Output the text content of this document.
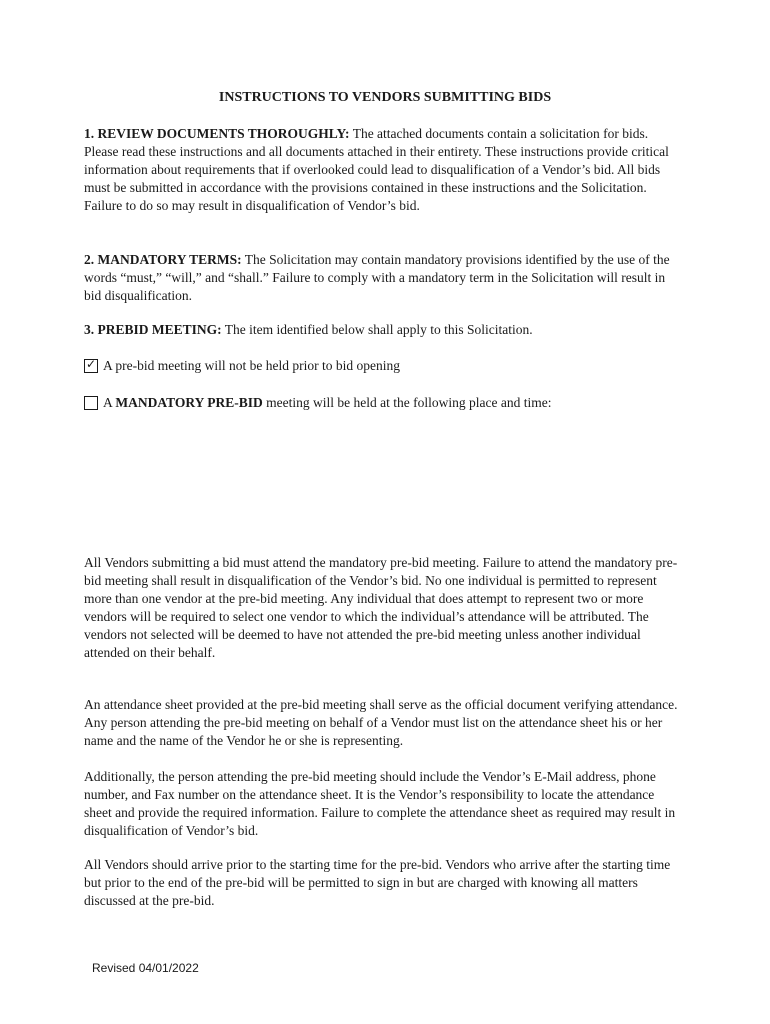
INSTRUCTIONS TO VENDORS SUBMITTING BIDS
1. REVIEW DOCUMENTS THOROUGHLY: The attached documents contain a solicitation for bids. Please read these instructions and all documents attached in their entirety. These instructions provide critical information about requirements that if overlooked could lead to disqualification of a Vendor’s bid. All bids must be submitted in accordance with the provisions contained in these instructions and the Solicitation. Failure to do so may result in disqualification of Vendor’s bid.
2. MANDATORY TERMS: The Solicitation may contain mandatory provisions identified by the use of the words “must,” “will,” and “shall.” Failure to comply with a mandatory term in the Solicitation will result in bid disqualification.
3. PREBID MEETING: The item identified below shall apply to this Solicitation.
✓ A pre-bid meeting will not be held prior to bid opening
A MANDATORY PRE-BID meeting will be held at the following place and time:
All Vendors submitting a bid must attend the mandatory pre-bid meeting. Failure to attend the mandatory pre-bid meeting shall result in disqualification of the Vendor’s bid. No one individual is permitted to represent more than one vendor at the pre-bid meeting. Any individual that does attempt to represent two or more vendors will be required to select one vendor to which the individual’s attendance will be attributed. The vendors not selected will be deemed to have not attended the pre-bid meeting unless another individual attended on their behalf.
An attendance sheet provided at the pre-bid meeting shall serve as the official document verifying attendance. Any person attending the pre-bid meeting on behalf of a Vendor must list on the attendance sheet his or her name and the name of the Vendor he or she is representing.
Additionally, the person attending the pre-bid meeting should include the Vendor’s E-Mail address, phone number, and Fax number on the attendance sheet. It is the Vendor’s responsibility to locate the attendance sheet and provide the required information. Failure to complete the attendance sheet as required may result in disqualification of Vendor’s bid.
All Vendors should arrive prior to the starting time for the pre-bid. Vendors who arrive after the starting time but prior to the end of the pre-bid will be permitted to sign in but are charged with knowing all matters discussed at the pre-bid.
Revised 04/01/2022
